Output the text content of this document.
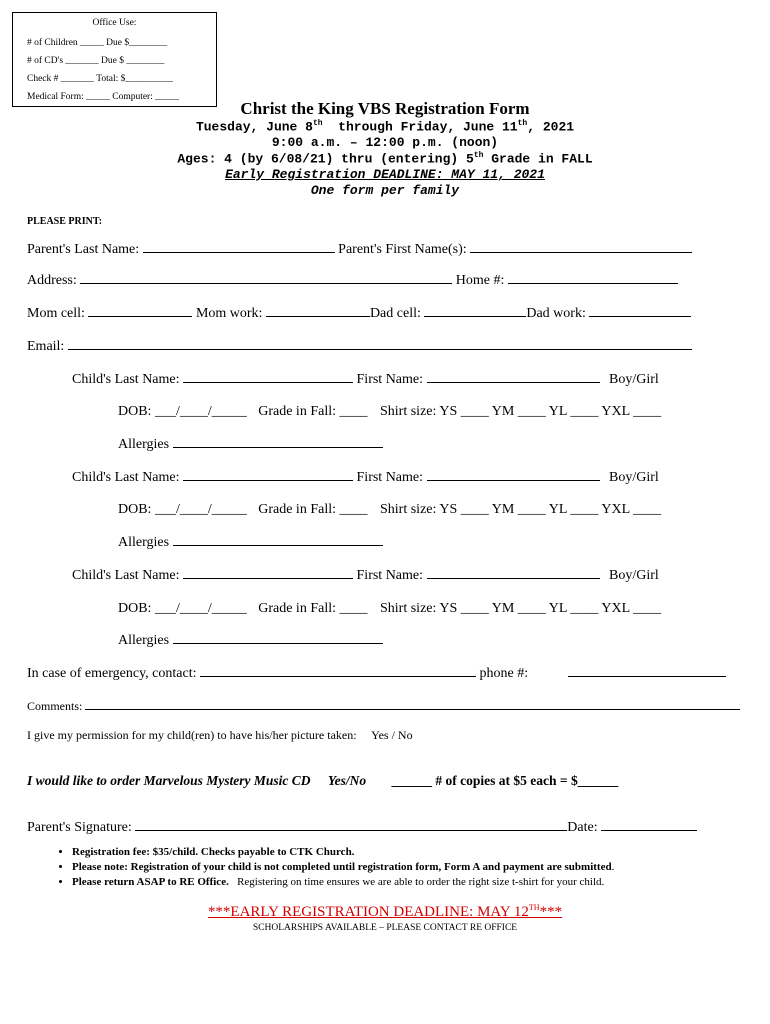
Office Use:
# of Children _____ Due $________
# of CD's _______ Due $ ________
Check # _______ Total: $__________
Medical Form: _____ Computer: _____
Christ the King VBS Registration Form
Tuesday, June 8th  through Friday, June 11th, 2021
9:00 a.m. – 12:00 p.m. (noon)
Ages: 4 (by 6/08/21) thru (entering) 5th Grade in FALL
Early Registration DEADLINE: MAY 11, 2021
One form per family
PLEASE PRINT:
Parent's Last Name:	Parent's First Name(s):
Address:	Home #:
Mom cell:	Mom work:	Dad cell:	Dad work:
Email:
Child's Last Name:	First Name:	Boy/Girl
DOB: ___/____/_____ Grade in Fall: ____ Shirt size: YS ____ YM ____ YL ____ YXL ____
Allergies
Child's Last Name:	First Name:	Boy/Girl
DOB: ___/____/_____ Grade in Fall: ____ Shirt size: YS ____ YM ____ YL ____ YXL ____
Allergies
Child's Last Name:	First Name:	Boy/Girl
DOB: ___/____/_____ Grade in Fall: ____ Shirt size: YS ____ YM ____ YL ____ YXL ____
Allergies
In case of emergency, contact:	phone #:
Comments:
I give my permission for my child(ren) to have his/her picture taken:     Yes / No
I would like to order Marvelous Mystery Music CD Yes/No ______ # of copies at $5 each = $______
Parent's Signature:	Date:
• Registration fee: $35/child. Checks payable to CTK Church.
• Please note: Registration of your child is not completed until registration form, Form A and payment are submitted.
• Please return ASAP to RE Office.   Registering on time ensures we are able to order the right size t-shirt for your child.
***EARLY REGISTRATION DEADLINE: MAY 12TH***
SCHOLARSHIPS AVAILABLE – PLEASE CONTACT RE OFFICE
